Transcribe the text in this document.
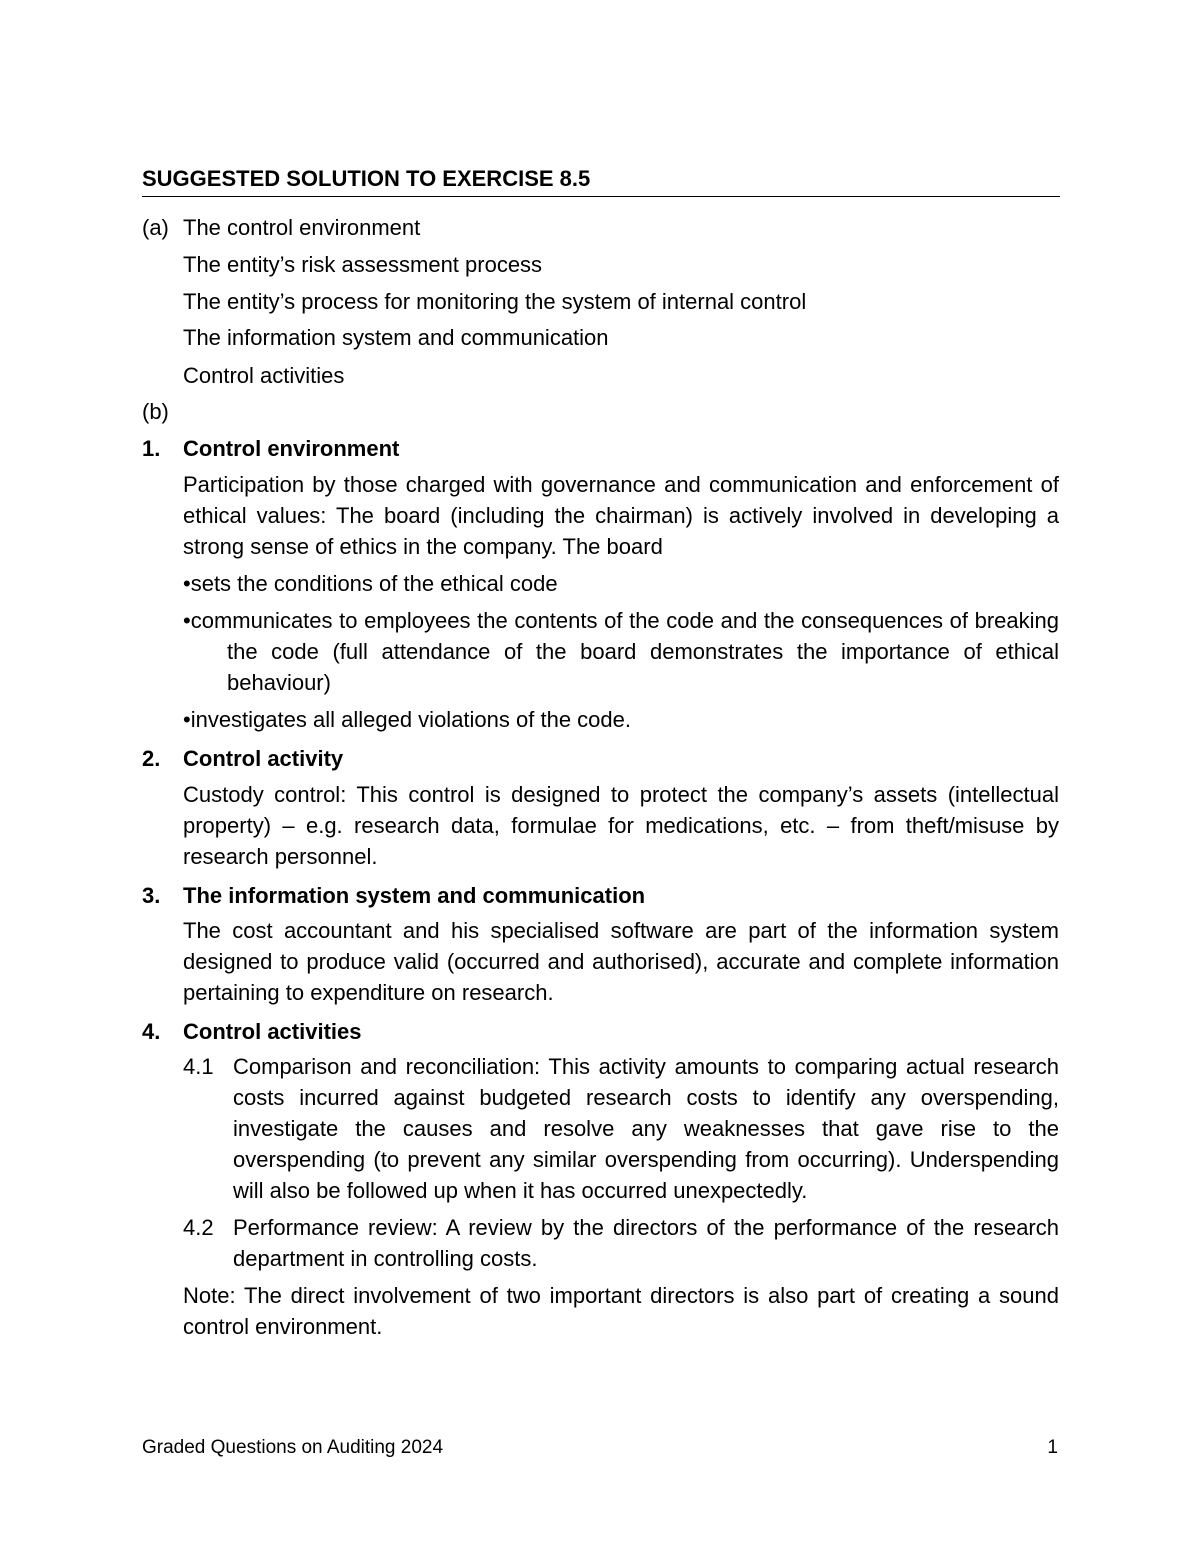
SUGGESTED SOLUTION TO EXERCISE 8.5
(a) The control environment
The entity’s risk assessment process
The entity’s process for monitoring the system of internal control
The information system and communication
Control activities
(b)
1. Control environment
Participation by those charged with governance and communication and enforcement of ethical values: The board (including the chairman) is actively involved in developing a strong sense of ethics in the company. The board
•sets the conditions of the ethical code
•communicates to employees the contents of the code and the consequences of breaking the code (full attendance of the board demonstrates the importance of ethical behaviour)
•investigates all alleged violations of the code.
2. Control activity
Custody control: This control is designed to protect the company’s assets (intellectual property) – e.g. research data, formulae for medications, etc. – from theft/misuse by research personnel.
3. The information system and communication
The cost accountant and his specialised software are part of the information system designed to produce valid (occurred and authorised), accurate and complete information pertaining to expenditure on research.
4. Control activities
4.1 Comparison and reconciliation: This activity amounts to comparing actual research costs incurred against budgeted research costs to identify any overspending, investigate the causes and resolve any weaknesses that gave rise to the overspending (to prevent any similar overspending from occurring). Underspending will also be followed up when it has occurred unexpectedly.
4.2 Performance review: A review by the directors of the performance of the research department in controlling costs.
Note: The direct involvement of two important directors is also part of creating a sound control environment.
Graded Questions on Auditing 2024	1
